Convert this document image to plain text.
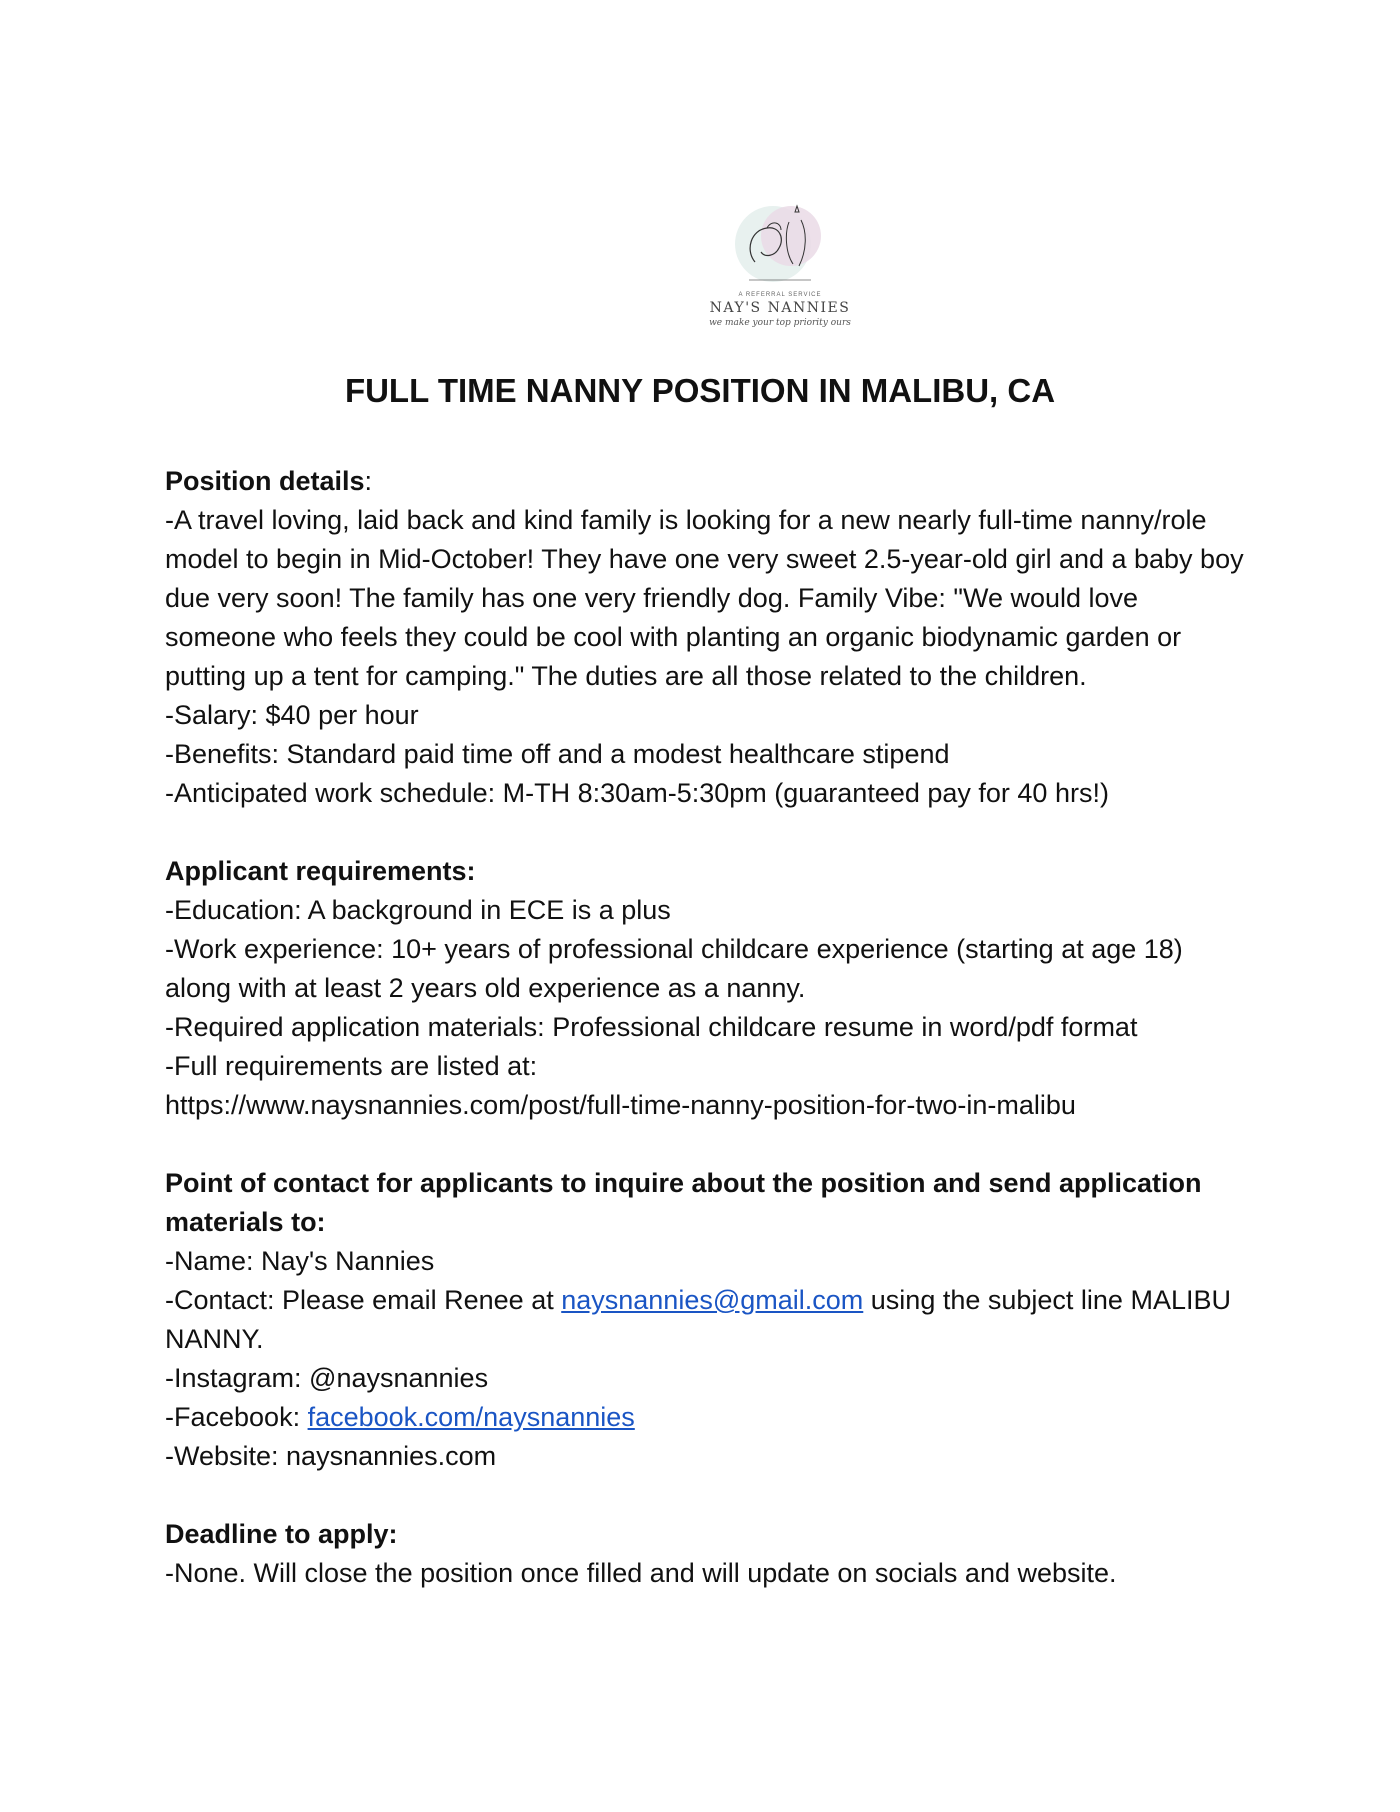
A REFERRAL SERVICE
NAY'S NANNIES
we make your top priority ours
FULL TIME NANNY POSITION IN MALIBU, CA
Position details:
-A travel loving, laid back and kind family is looking for a new nearly full-time nanny/role model to begin in Mid-October! They have one very sweet 2.5-year-old girl and a baby boy due very soon! The family has one very friendly dog. Family Vibe: "We would love someone who feels they could be cool with planting an organic biodynamic garden or putting up a tent for camping." The duties are all those related to the children.
-Salary: $40 per hour
-Benefits: Standard paid time off and a modest healthcare stipend
-Anticipated work schedule: M-TH 8:30am-5:30pm (guaranteed pay for 40 hrs!)
Applicant requirements:
-Education: A background in ECE is a plus
-Work experience: 10+ years of professional childcare experience (starting at age 18) along with at least 2 years old experience as a nanny.
-Required application materials: Professional childcare resume in word/pdf format
-Full requirements are listed at:
https://www.naysnannies.com/post/full-time-nanny-position-for-two-in-malibu
Point of contact for applicants to inquire about the position and send application materials to:
-Name: Nay's Nannies
-Contact: Please email Renee at naysnannies@gmail.com using the subject line MALIBU NANNY.
-Instagram: @naysnannies
-Facebook: facebook.com/naysnannies
-Website: naysnannies.com
Deadline to apply:
-None. Will close the position once filled and will update on socials and website.
